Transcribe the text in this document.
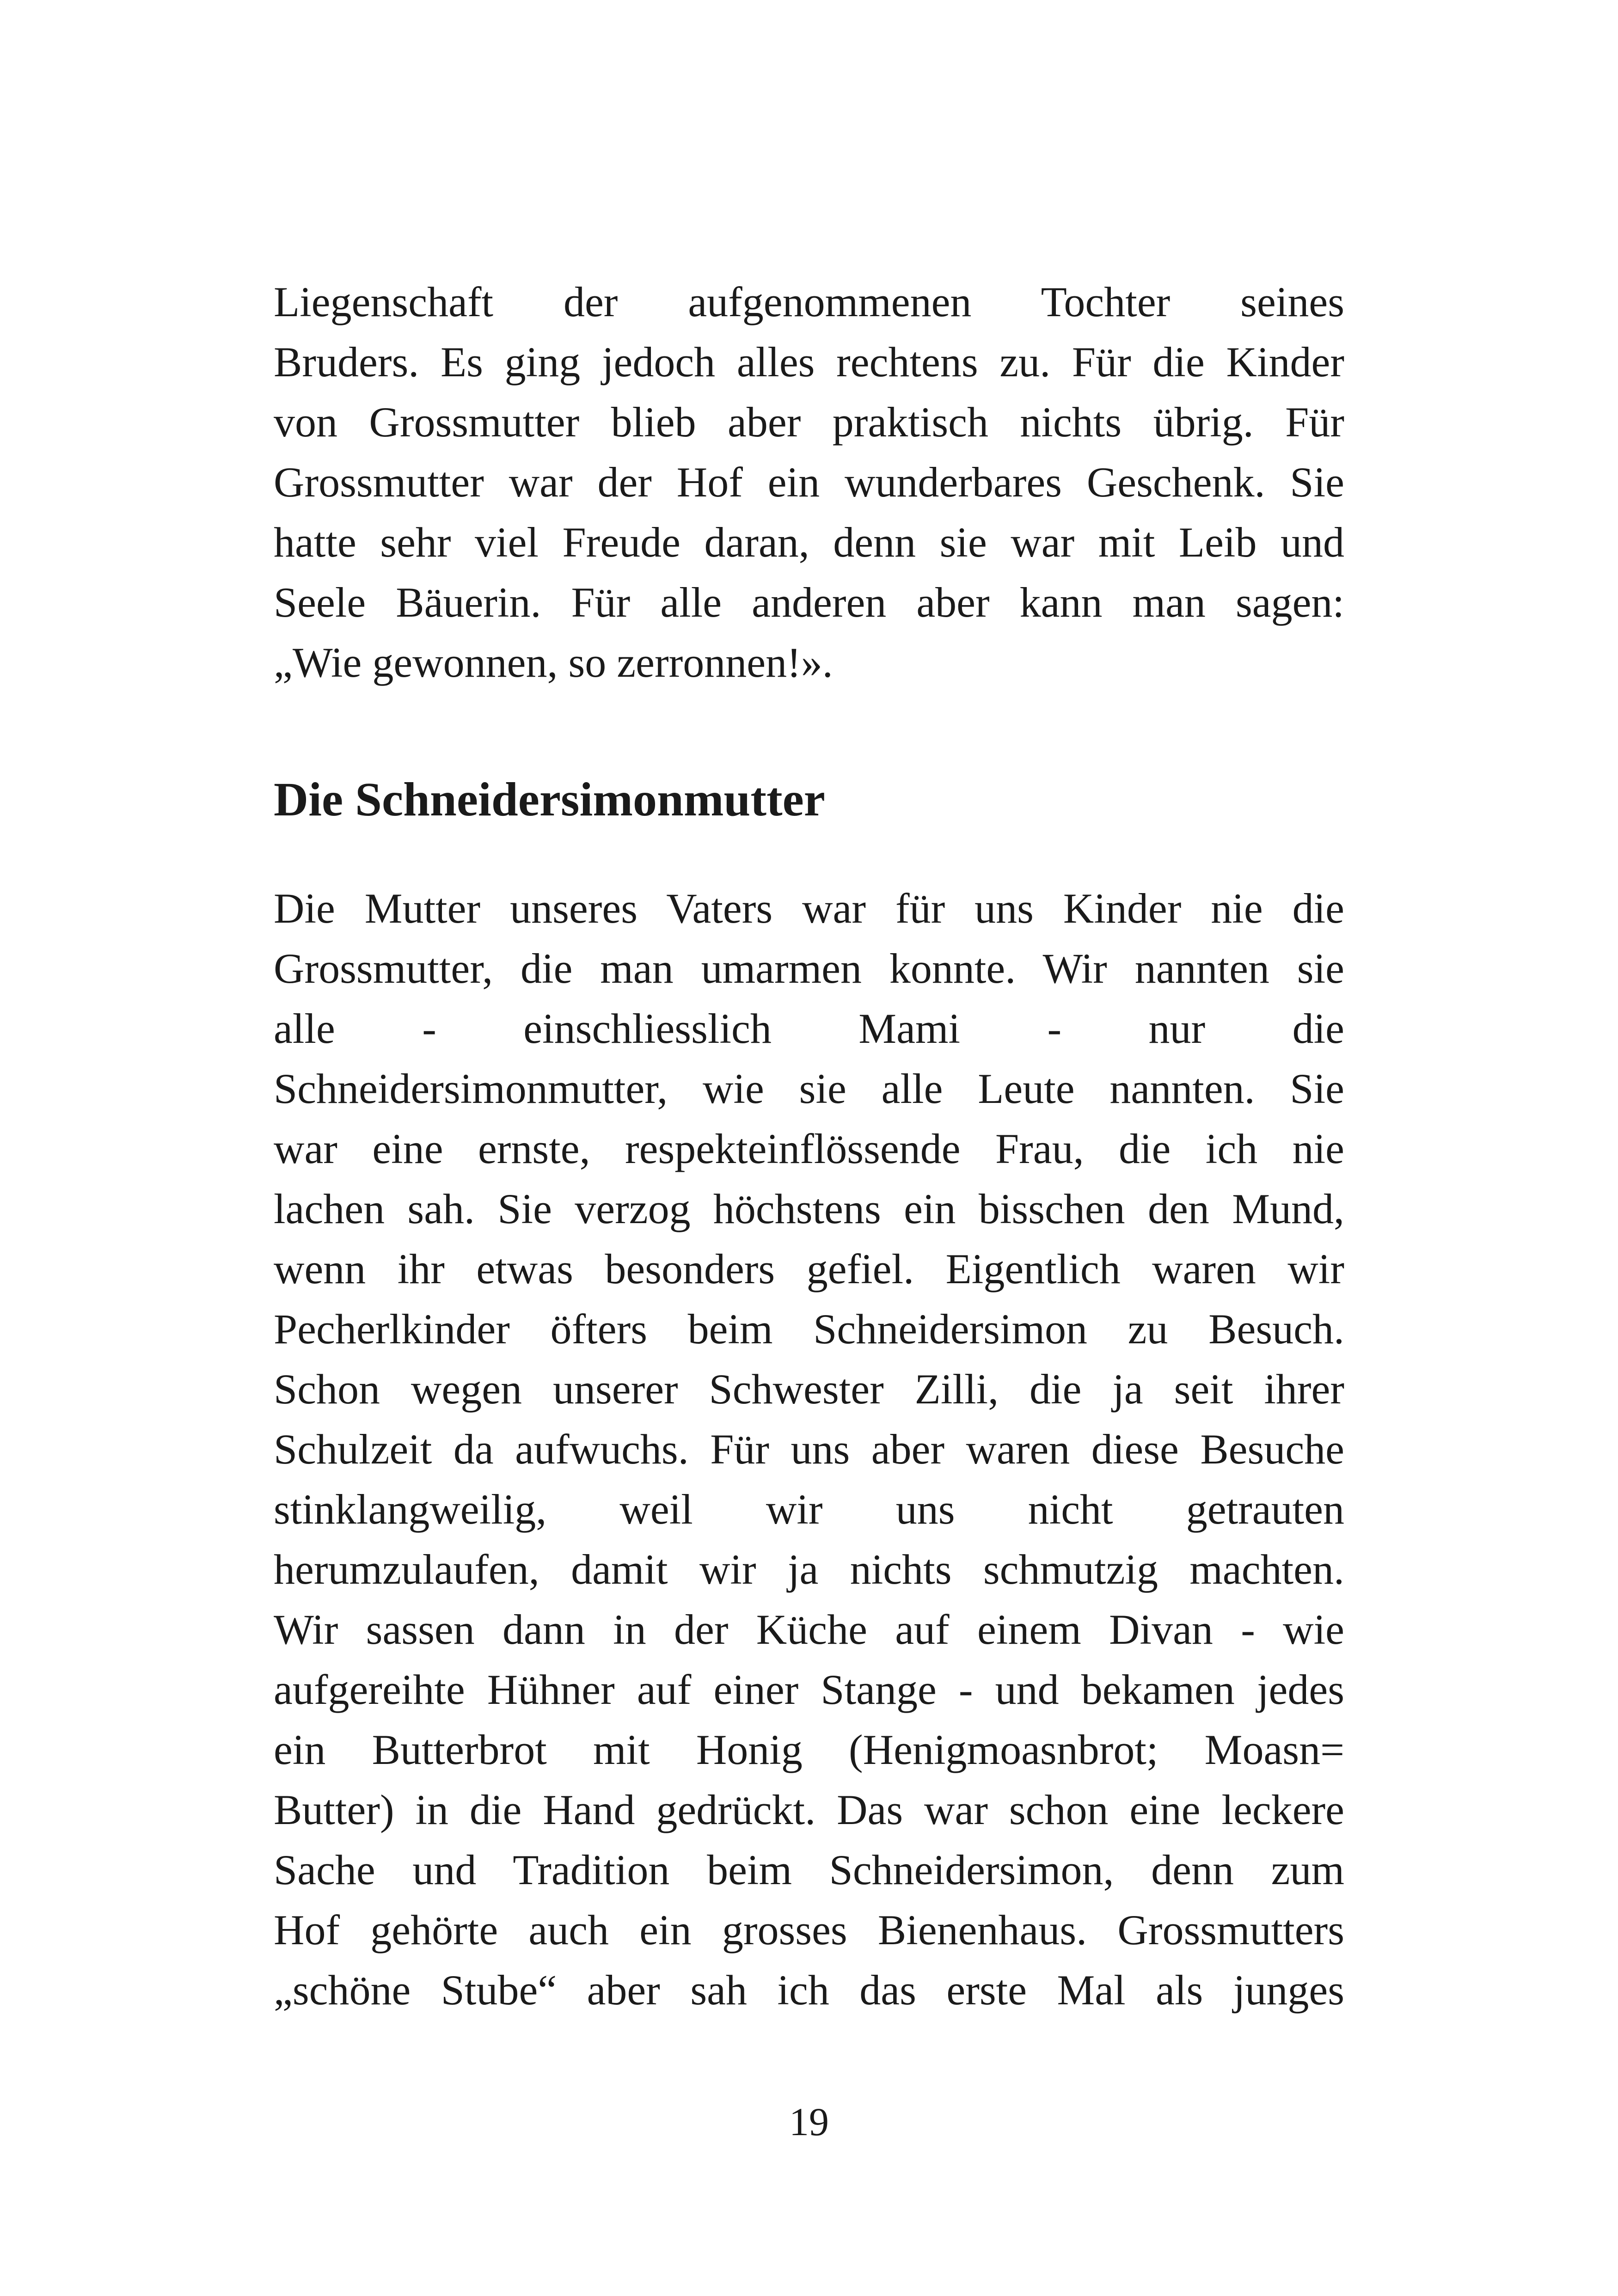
Liegenschaft der aufgenommenen Tochter seines
Bruders. Es ging jedoch alles rechtens zu. Für die Kinder
von Grossmutter blieb aber praktisch nichts übrig. Für
Grossmutter war der Hof ein wunderbares Geschenk. Sie
hatte sehr viel Freude daran, denn sie war mit Leib und
Seele Bäuerin. Für alle anderen aber kann man sagen:
„Wie gewonnen, so zerronnen!».
Die Schneidersimonmutter
Die Mutter unseres Vaters war für uns Kinder nie die
Grossmutter, die man umarmen konnte. Wir nannten sie
alle - einschliesslich Mami - nur die
Schneidersimonmutter, wie sie alle Leute nannten. Sie
war eine ernste, respekteinflössende Frau, die ich nie
lachen sah. Sie verzog höchstens ein bisschen den Mund,
wenn ihr etwas besonders gefiel. Eigentlich waren wir
Pecherlkinder öfters beim Schneidersimon zu Besuch.
Schon wegen unserer Schwester Zilli, die ja seit ihrer
Schulzeit da aufwuchs. Für uns aber waren diese Besuche
stinklangweilig, weil wir uns nicht getrauten
herumzulaufen, damit wir ja nichts schmutzig machten.
Wir sassen dann in der Küche auf einem Divan - wie
aufgereihte Hühner auf einer Stange - und bekamen jedes
ein Butterbrot mit Honig (Henigmoasnbrot; Moasn=
Butter) in die Hand gedrückt. Das war schon eine leckere
Sache und Tradition beim Schneidersimon, denn zum
Hof gehörte auch ein grosses Bienenhaus. Grossmutters
„schöne Stube“ aber sah ich das erste Mal als junges
19
